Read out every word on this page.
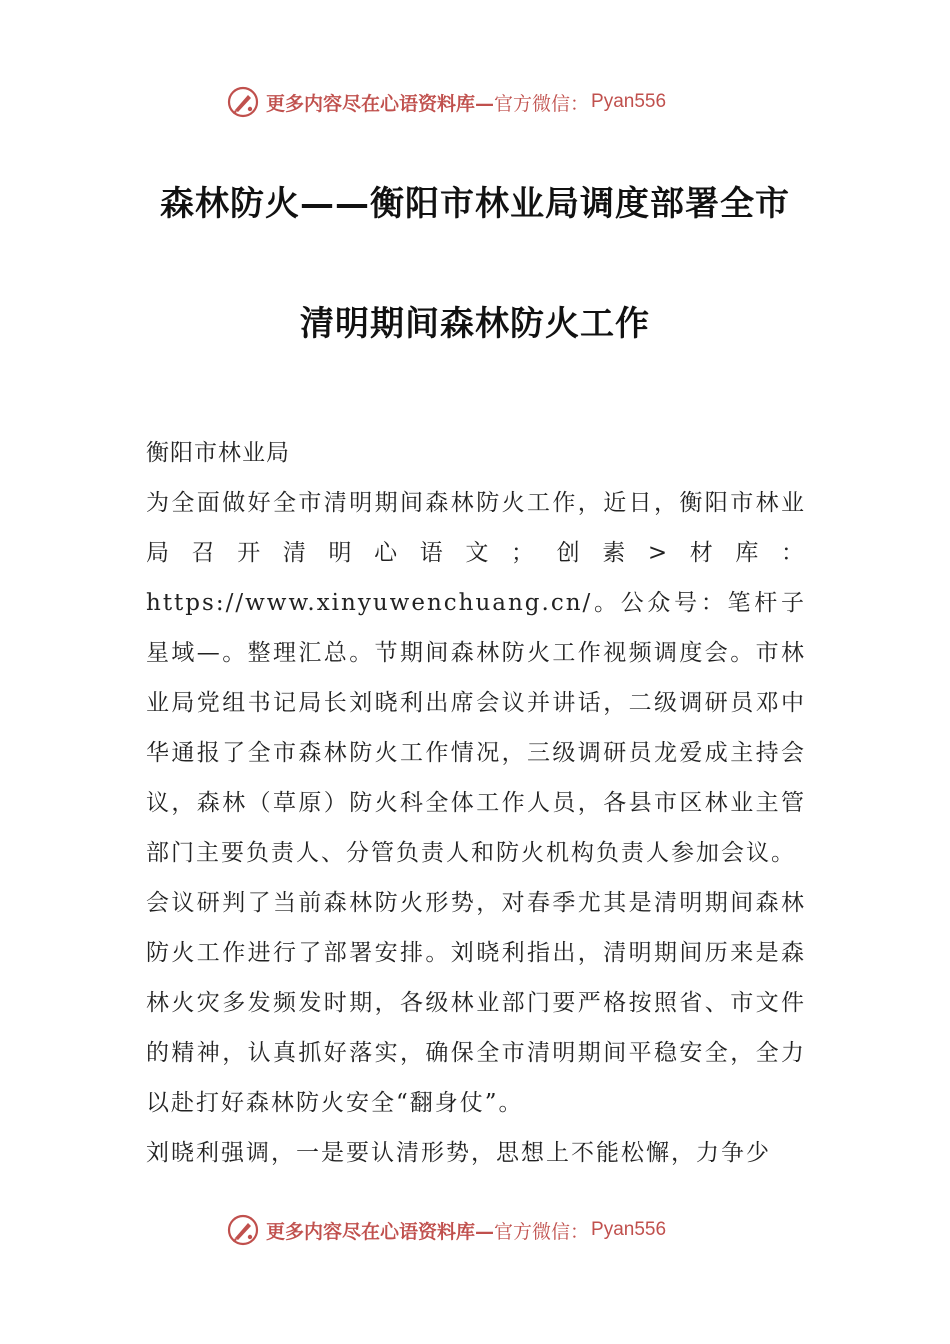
更多内容尽在心语资料库— 官方微信： Pyan556
森林防火——衡阳市林业局调度部署全市
清明期间森林防火工作

衡阳市林业局

为全面做好全市清明期间森林防火工作，近日，衡阳市林业局召开清明心语文；创素>材库：https://www.xinyuwenchuang.cn/。公众号：笔杆子星域—。整理汇总。节期间森林防火工作视频调度会。市林业局党组书记局长刘晓利出席会议并讲话，二级调研员邓中华通报了全市森林防火工作情况，三级调研员龙爱成主持会议，森林（草原）防火科全体工作人员，各县市区林业主管部门主要负责人、分管负责人和防火机构负责人参加会议。

会议研判了当前森林防火形势，对春季尤其是清明期间森林防火工作进行了部署安排。刘晓利指出，清明期间历来是森林火灾多发频发时期，各级林业部门要严格按照省、市文件的精神，认真抓好落实，确保全市清明期间平稳安全，全力以赴打好森林防火安全“翻身仗”。

刘晓利强调，一是要认清形势，思想上不能松懈，力争少

更多内容尽在心语资料库— 官方微信： Pyan556
